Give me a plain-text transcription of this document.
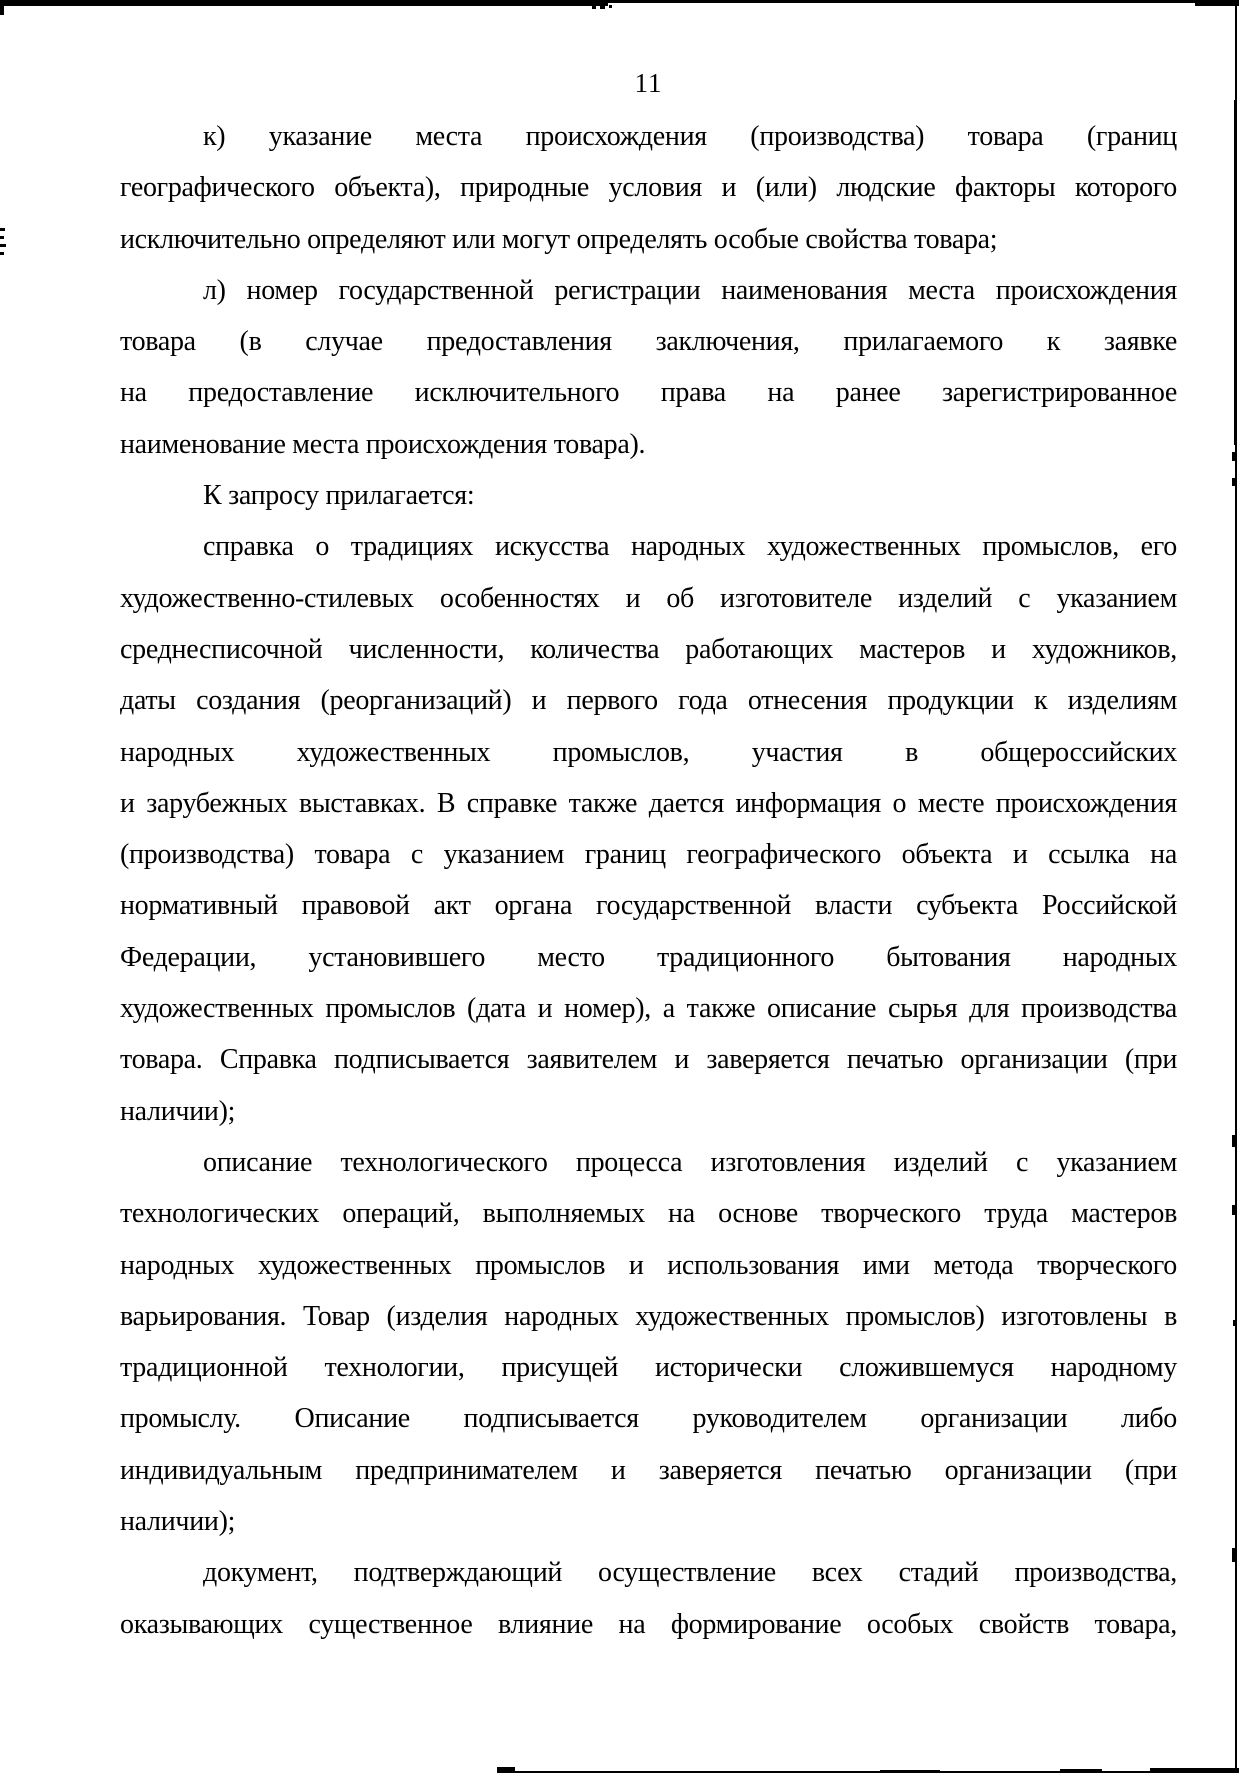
11
к) указание места происхождения (производства) товара (границ
географического объекта), природные условия и (или) людские факторы которого
исключительно определяют или могут определять особые свойства товара;
л) номер государственной регистрации наименования места происхождения
товара (в случае предоставления заключения, прилагаемого к заявке
на предоставление исключительного права на ранее зарегистрированное
наименование места происхождения товара).
К запросу прилагается:
справка о традициях искусства народных художественных промыслов, его
художественно-стилевых особенностях и об изготовителе изделий с указанием
среднесписочной численности, количества работающих мастеров и художников,
даты создания (реорганизаций) и первого года отнесения продукции к изделиям
народных художественных промыслов, участия в общероссийских
и зарубежных выставках. В справке также дается информация о месте происхождения
(производства) товара с указанием границ географического объекта и ссылка на
нормативный правовой акт органа государственной власти субъекта Российской
Федерации, установившего место традиционного бытования народных
художественных промыслов (дата и номер), а также описание сырья для производства
товара. Справка подписывается заявителем и заверяется печатью организации (при
наличии);
описание технологического процесса изготовления изделий с указанием
технологических операций, выполняемых на основе творческого труда мастеров
народных художественных промыслов и использования ими метода творческого
варьирования. Товар (изделия народных художественных промыслов) изготовлены в
традиционной технологии, присущей исторически сложившемуся народному
промыслу. Описание подписывается руководителем организации либо
индивидуальным предпринимателем и заверяется печатью организации (при
наличии);
документ, подтверждающий осуществление всех стадий производства,
оказывающих существенное влияние на формирование особых свойств товара,
